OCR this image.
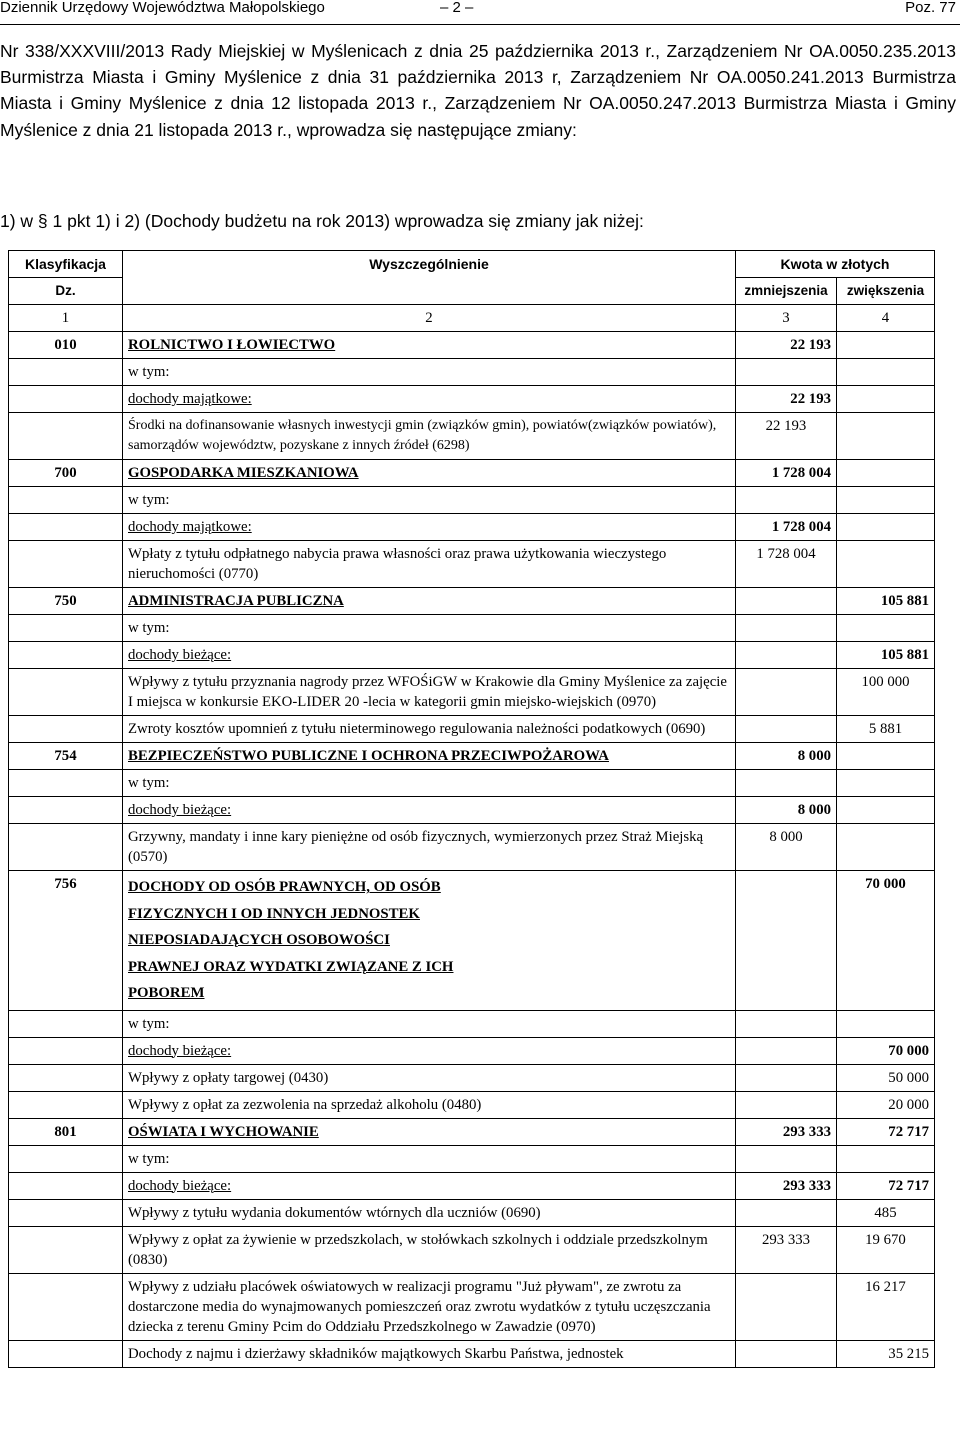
Dziennik Urzędowy Województwa Małopolskiego	– 2 –	Poz. 77
Nr 338/XXXVIII/2013 Rady Miejskiej w Myślenicach z dnia 25 października 2013 r., Zarządzeniem Nr OA.0050.235.2013 Burmistrza Miasta i Gminy Myślenice z dnia 31 października 2013 r, Zarządzeniem Nr OA.0050.241.2013 Burmistrza Miasta i Gminy Myślenice z dnia 12 listopada 2013 r., Zarządzeniem Nr OA.0050.247.2013 Burmistrza Miasta i Gminy Myślenice z dnia 21 listopada 2013 r., wprowadza się następujące zmiany:
1) w § 1 pkt 1) i 2) (Dochody budżetu na rok 2013) wprowadza się zmiany jak niżej:
Klasyfikacja	Wyszczególnienie	Kwota w złotych	
Dz.		zmniejszenia	zwiększenia
1	2	3	4
010	ROLNICTWO I ŁOWIECTWO	22 193	
	w tym:		
	dochody majątkowe:	22 193	
	Środki na dofinansowanie własnych inwestycji gmin (związków gmin), powiatów(związków powiatów), samorządów województw, pozyskane z innych źródeł (6298)	22 193	
700	GOSPODARKA MIESZKANIOWA	1 728 004	
	w tym:		
	dochody majątkowe:	1 728 004	
	Wpłaty z tytułu odpłatnego nabycia prawa własności oraz prawa użytkowania wieczystego nieruchomości (0770)	1 728 004	
750	ADMINISTRACJA PUBLICZNA		105 881
	w tym:		
	dochody bieżące:		105 881
	Wpływy z tytułu przyznania nagrody przez WFOŚiGW w Krakowie dla Gminy Myślenice za zajęcie I miejsca w konkursie EKO-LIDER 20 -lecia w kategorii gmin miejsko-wiejskich (0970)		100 000
	Zwroty kosztów upomnień z tytułu nieterminowego regulowania należności podatkowych (0690)		5 881
754	BEZPIECZEŃSTWO PUBLICZNE I OCHRONA PRZECIWPOŻAROWA	8 000	
	w tym:		
	dochody bieżące:	8 000	
	Grzywny, mandaty i inne kary pieniężne od osób fizycznych, wymierzonych przez Straż Miejską (0570)	8 000	
756	DOCHODY OD OSÓB PRAWNYCH, OD OSÓB
FIZYCZNYCH I OD INNYCH JEDNOSTEK
NIEPOSIADAJĄCYCH OSOBOWOŚCI
PRAWNEJ ORAZ WYDATKI ZWIĄZANE Z ICH
POBOREM		70 000
	w tym:		
	dochody bieżące:		70 000
	Wpływy z opłaty targowej (0430)		50 000
	Wpływy z opłat za zezwolenia na sprzedaż alkoholu (0480)		20 000
801	OŚWIATA I WYCHOWANIE	293 333	72 717
	w tym:		
	dochody bieżące:	293 333	72 717
	Wpływy z tytułu wydania dokumentów wtórnych dla uczniów (0690)		485
	Wpływy z opłat za żywienie w przedszkolach, w stołówkach szkolnych i oddziale przedszkolnym (0830)	293 333	19 670
	Wpływy z udziału placówek oświatowych w realizacji programu "Już pływam", ze zwrotu za dostarczone media do wynajmowanych pomieszczeń oraz zwrotu wydatków z tytułu uczęszczania dziecka z terenu Gminy Pcim do Oddziału Przedszkolnego w Zawadzie (0970)		16 217
	Dochody z najmu i dzierżawy składników majątkowych Skarbu Państwa, jednostek		35 215
